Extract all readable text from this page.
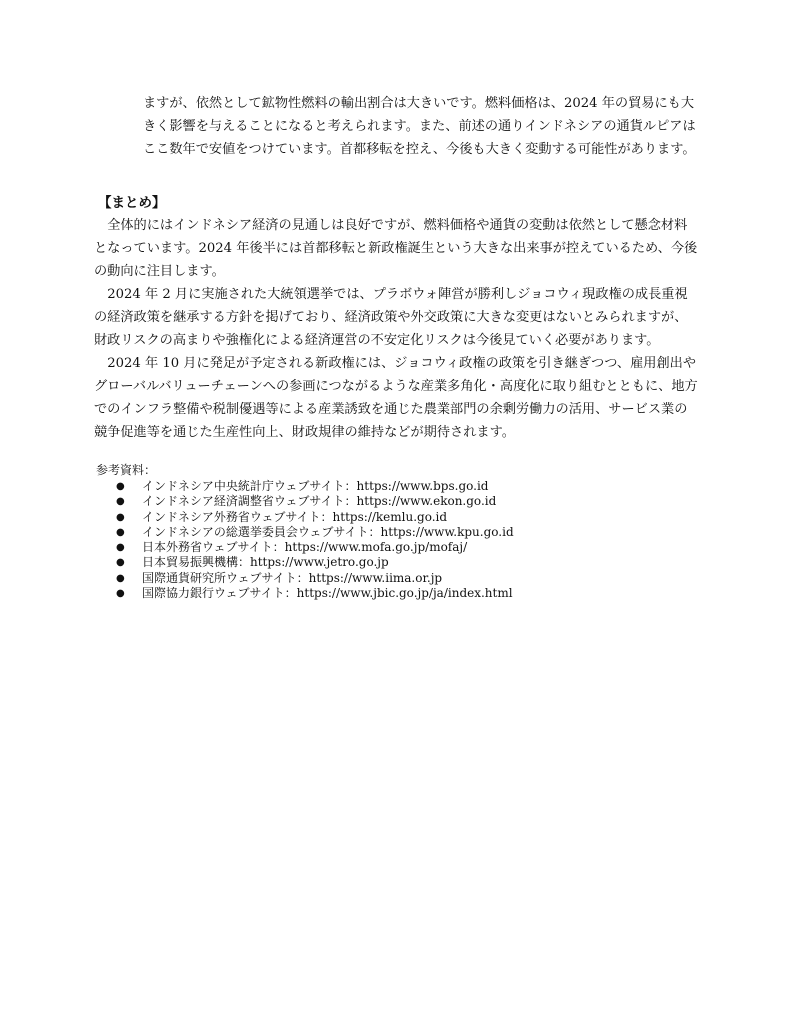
ますが、依然として鉱物性燃料の輸出割合は大きいです。燃料価格は、2024 年の貿易にも大きく影響を与えることになると考えられます。また、前述の通りインドネシアの通貨ルピアはここ数年で安値をつけています。首都移転を控え、今後も大きく変動する可能性があります。

【まとめ】

全体的にはインドネシア経済の見通しは良好ですが、燃料価格や通貨の変動は依然として懸念材料となっています。2024 年後半には首都移転と新政権誕生という大きな出来事が控えているため、今後の動向に注目します。

2024 年 2 月に実施された大統領選挙では、プラボウォ陣営が勝利しジョコウィ現政権の成長重視の経済政策を継承する方針を掲げており、経済政策や外交政策に大きな変更はないとみられますが、財政リスクの高まりや強権化による経済運営の不安定化リスクは今後見ていく必要があります。

2024 年 10 月に発足が予定される新政権には、ジョコウィ政権の政策を引き継ぎつつ、雇用創出やグローバルバリューチェーンへの参画につながるような産業多角化・高度化に取り組むとともに、地方でのインフラ整備や税制優遇等による産業誘致を通じた農業部門の余剰労働力の活用、サービス業の競争促進等を通じた生産性向上、財政規律の維持などが期待されます。

参考資料：

● インドネシア中央統計庁ウェブサイト：https://www.bps.go.id
● インドネシア経済調整省ウェブサイト：https://www.ekon.go.id
● インドネシア外務省ウェブサイト：https://kemlu.go.id
● インドネシアの総選挙委員会ウェブサイト：https://www.kpu.go.id
● 日本外務省ウェブサイト：https://www.mofa.go.jp/mofaj/
● 日本貿易振興機構：https://www.jetro.go.jp
● 国際通貨研究所ウェブサイト：https://www.iima.or.jp
● 国際協力銀行ウェブサイト：https://www.jbic.go.jp/ja/index.html
